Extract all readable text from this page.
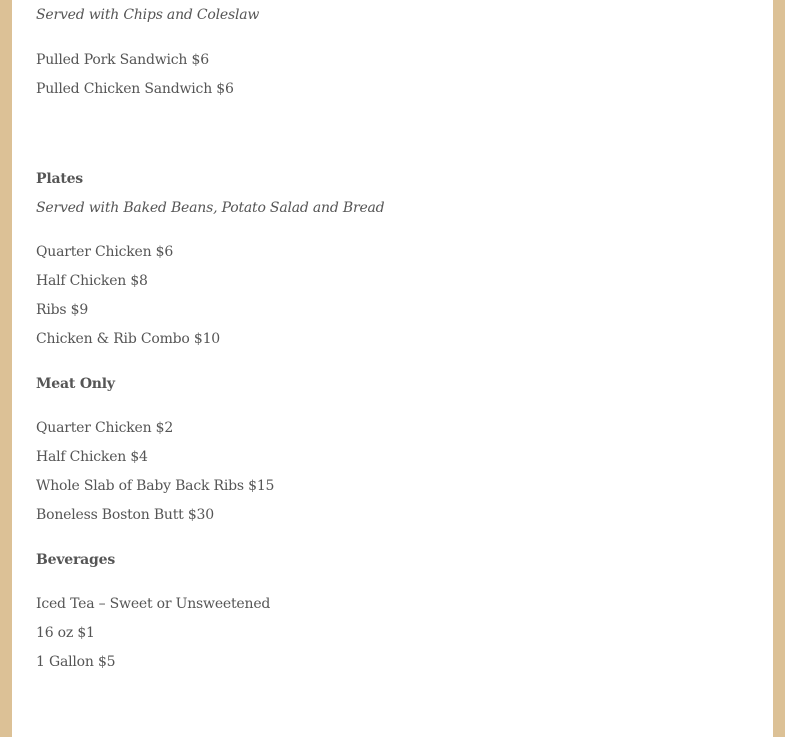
Served with Chips and Coleslaw

Pulled Pork Sandwich $6

Pulled Chicken Sandwich $6

Plates

Served with Baked Beans, Potato Salad and Bread

Quarter Chicken $6

Half Chicken $8

Ribs $9

Chicken & Rib Combo $10

Meat Only

Quarter Chicken $2

Half Chicken $4

Whole Slab of Baby Back Ribs $15

Boneless Boston Butt $30

Beverages

Iced Tea – Sweet or Unsweetened

16 oz $1

1 Gallon $5
